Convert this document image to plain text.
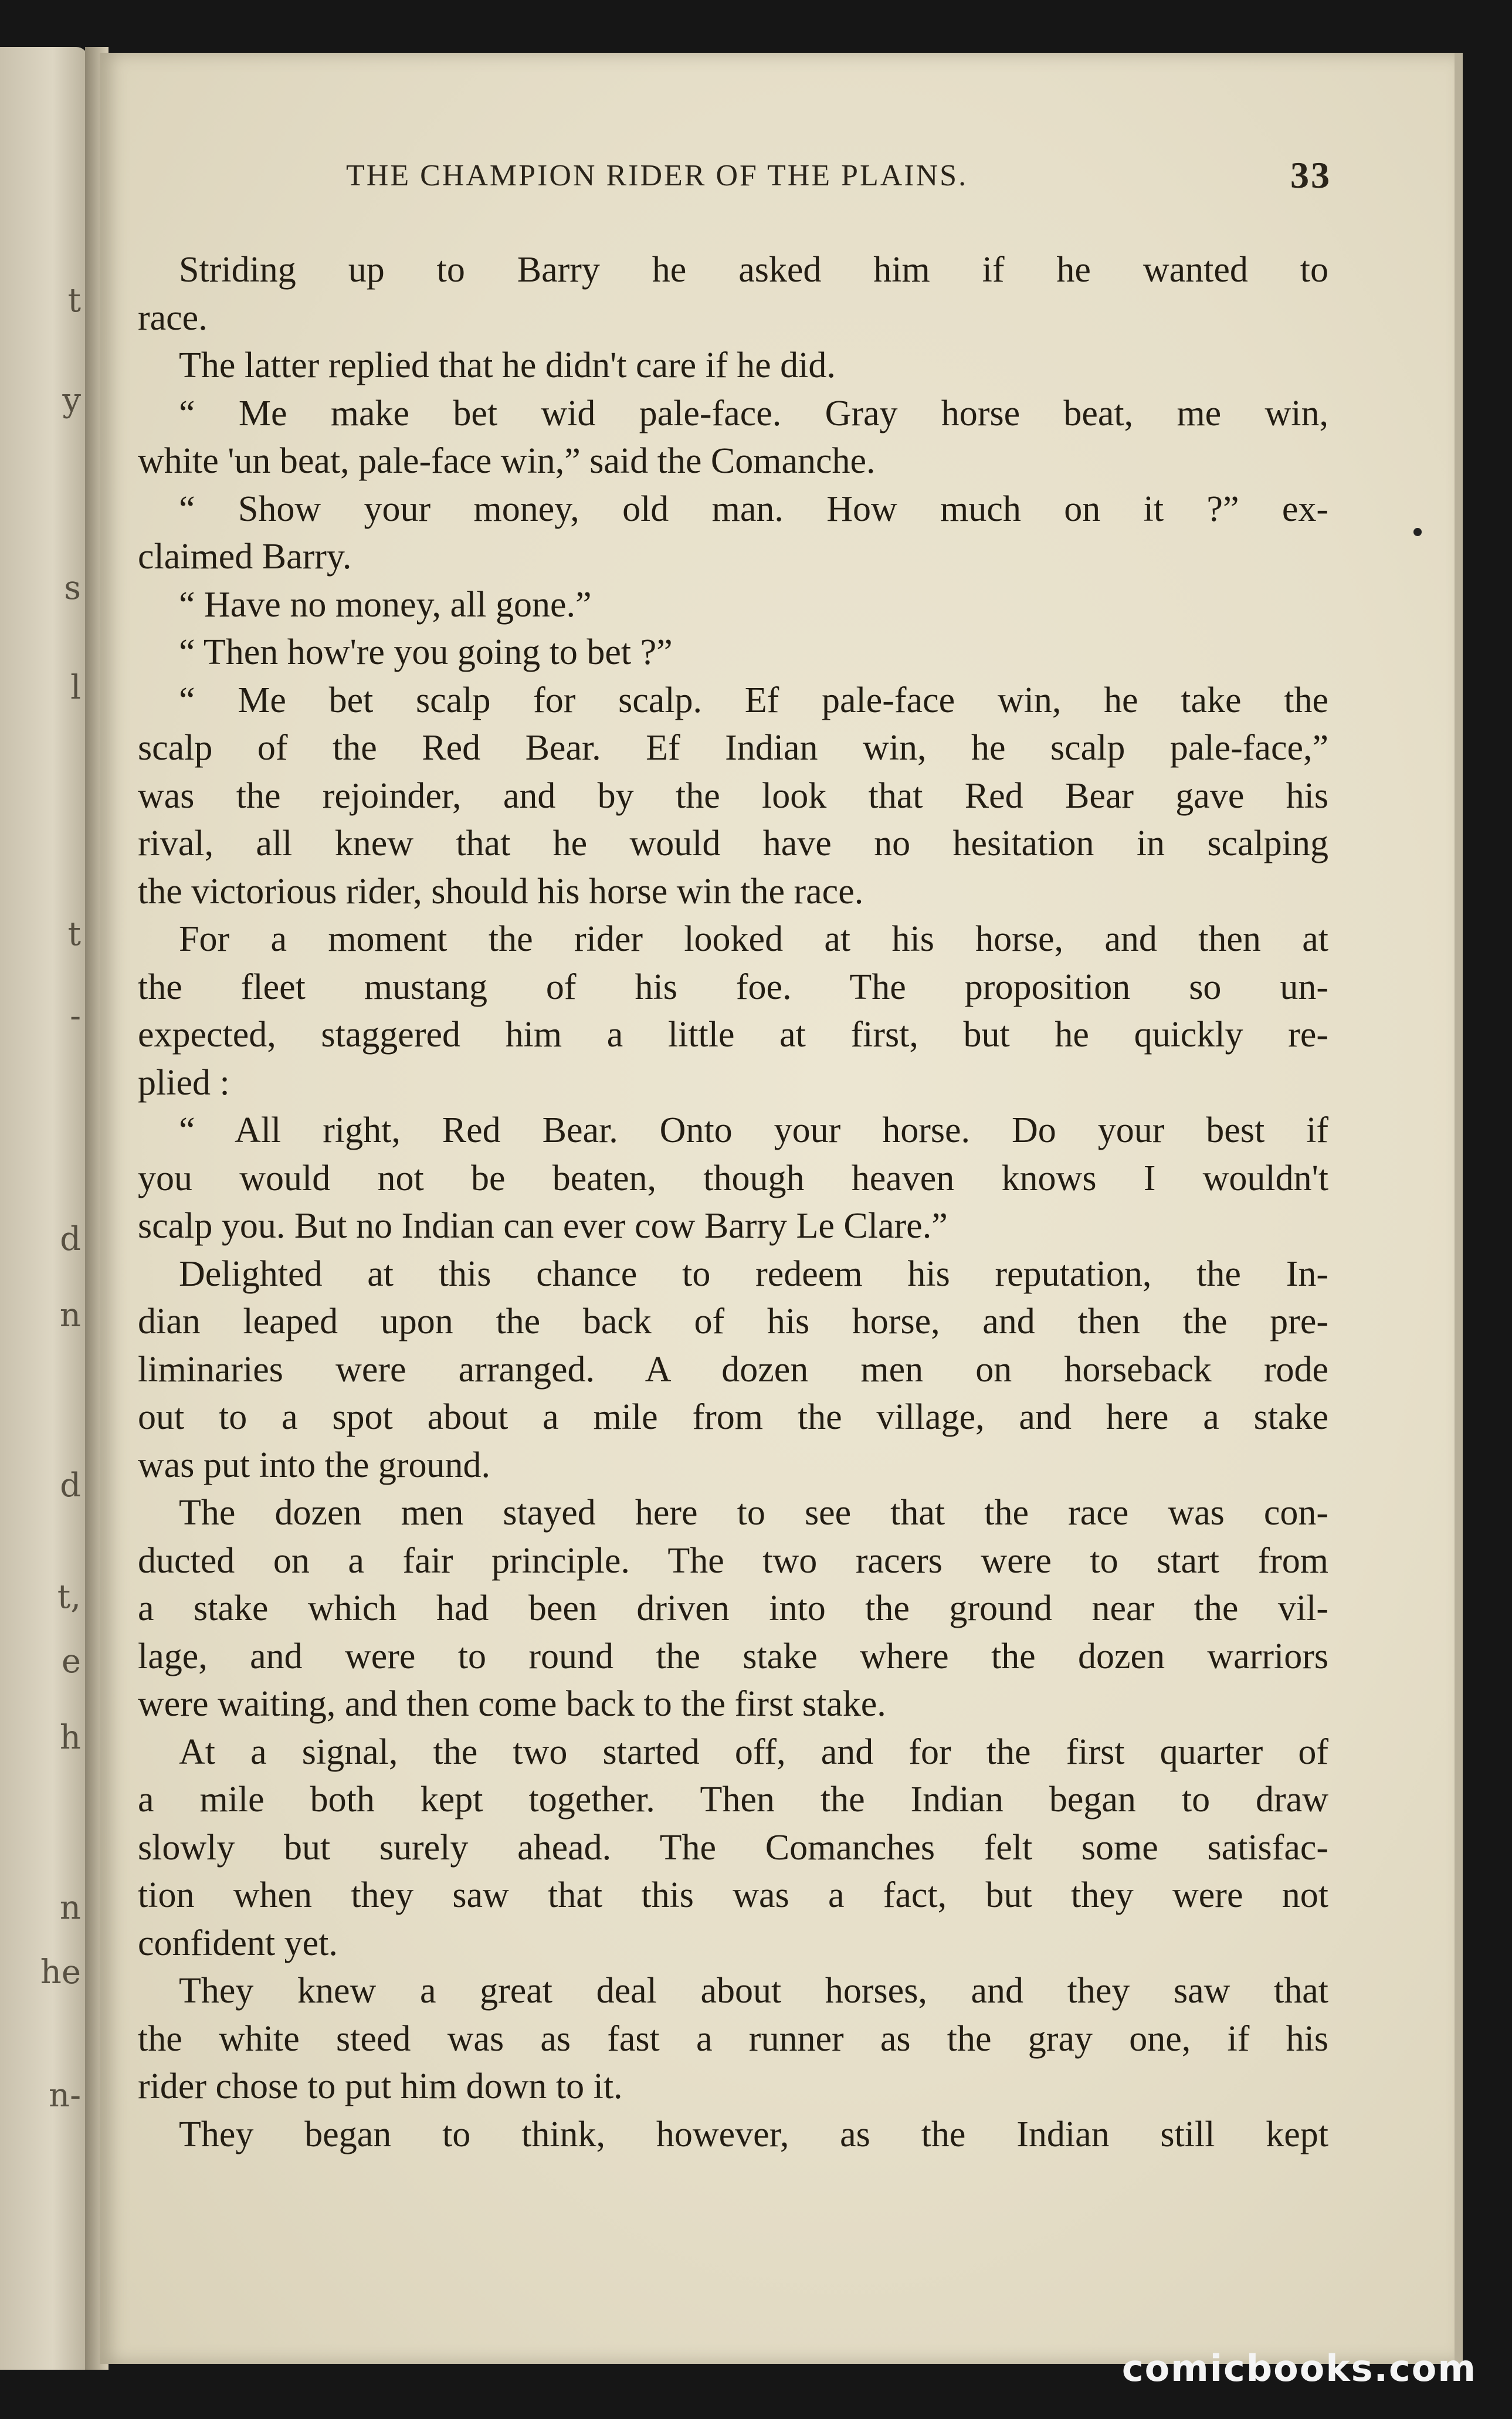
t
y
s
l
t
-
d
n
d
t,
e
h
n
he
n-
THE CHAMPION RIDER OF THE PLAINS.	33
Striding up to Barry he asked him if he wanted to
race.
The latter replied that he didn't care if he did.
“ Me make bet wid pale-face. Gray horse beat, me win,
white 'un beat, pale-face win,” said the Comanche.
“ Show your money, old man. How much on it ?” ex-
claimed Barry.
“ Have no money, all gone.”
“ Then how're you going to bet ?”
“ Me bet scalp for scalp. Ef pale-face win, he take the
scalp of the Red Bear. Ef Indian win, he scalp pale-face,”
was the rejoinder, and by the look that Red Bear gave his
rival, all knew that he would have no hesitation in scalping
the victorious rider, should his horse win the race.
For a moment the rider looked at his horse, and then at
the fleet mustang of his foe. The proposition so un-
expected, staggered him a little at first, but he quickly re-
plied :
“ All right, Red Bear. Onto your horse. Do your best if
you would not be beaten, though heaven knows I wouldn't
scalp you. But no Indian can ever cow Barry Le Clare.”
Delighted at this chance to redeem his reputation, the In-
dian leaped upon the back of his horse, and then the pre-
liminaries were arranged. A dozen men on horseback rode
out to a spot about a mile from the village, and here a stake
was put into the ground.
The dozen men stayed here to see that the race was con-
ducted on a fair principle. The two racers were to start from
a stake which had been driven into the ground near the vil-
lage, and were to round the stake where the dozen warriors
were waiting, and then come back to the first stake.
At a signal, the two started off, and for the first quarter of
a mile both kept together. Then the Indian began to draw
slowly but surely ahead. The Comanches felt some satisfac-
tion when they saw that this was a fact, but they were not
confident yet.
They knew a great deal about horses, and they saw that
the white steed was as fast a runner as the gray one, if his
rider chose to put him down to it.
They began to think, however, as the Indian still kept
comicbooks.com
